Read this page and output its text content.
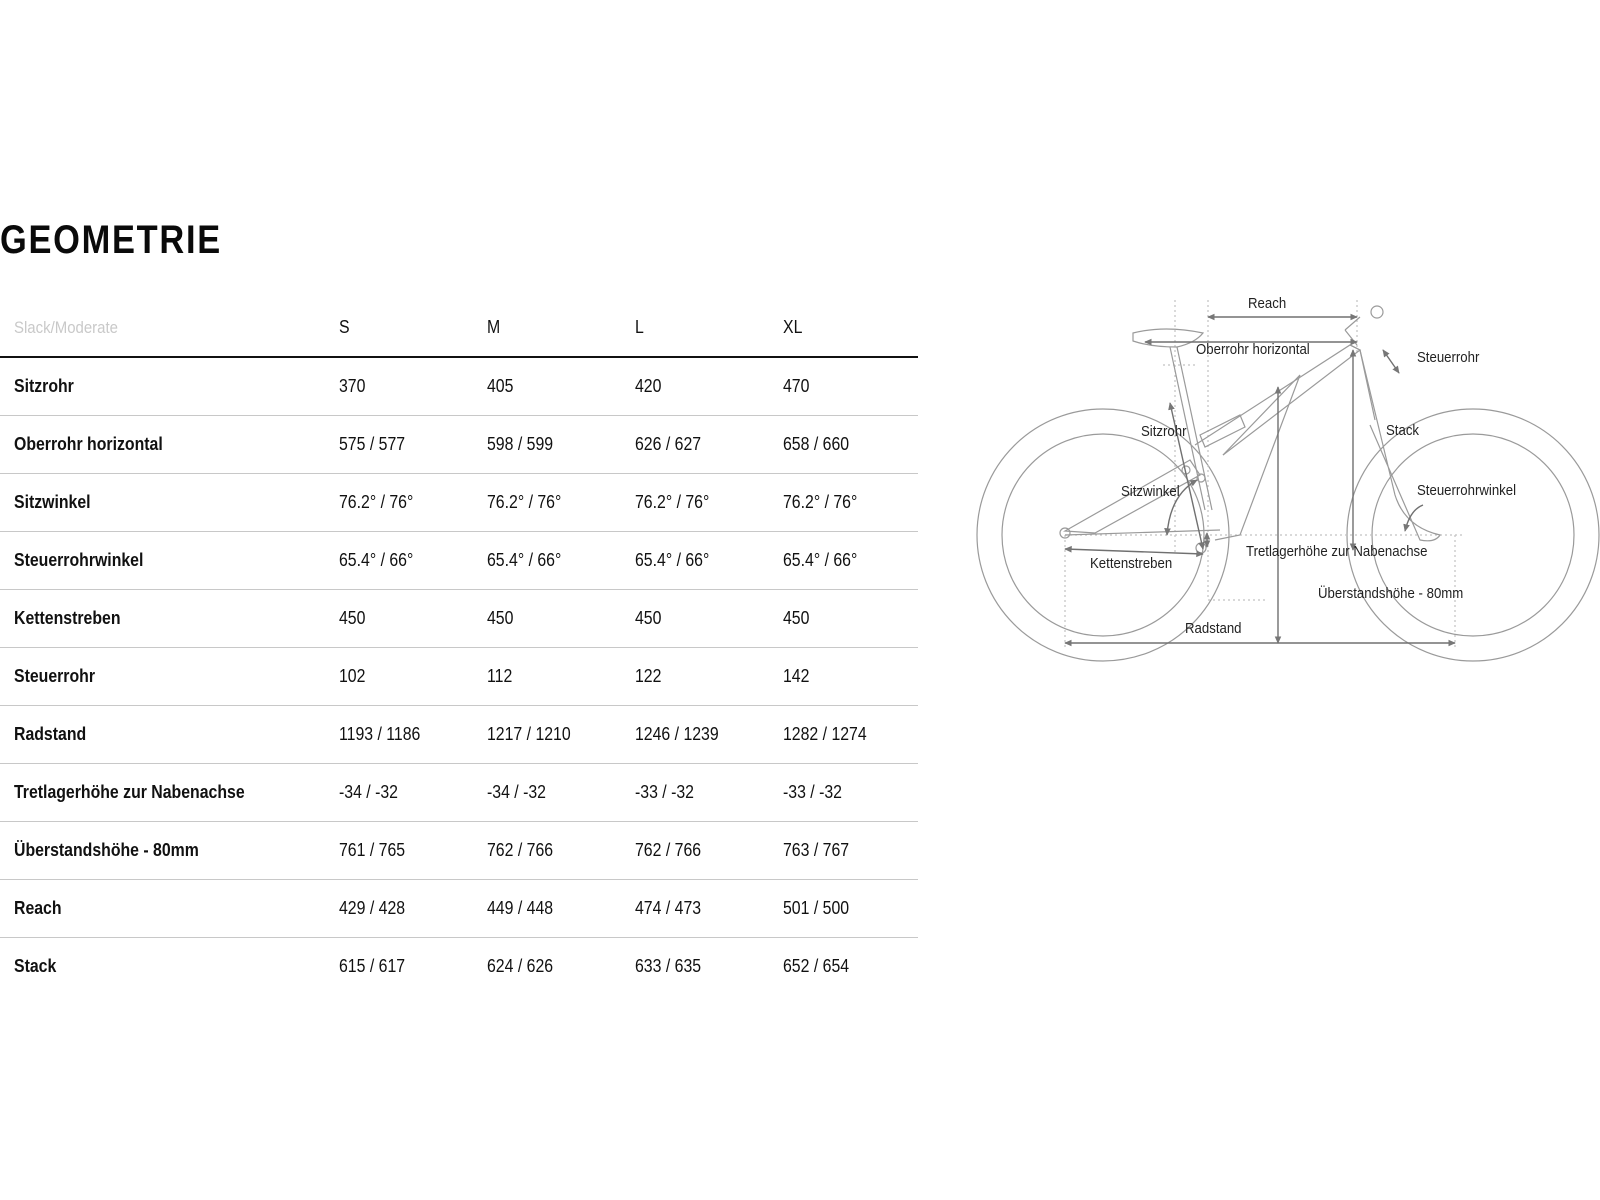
GEOMETRIE
Slack/Moderate	S	M	L	XL
Sitzrohr	370	405	420	470
Oberrohr horizontal	575 / 577	598 / 599	626 / 627	658 / 660
Sitzwinkel	76.2° / 76°	76.2° / 76°	76.2° / 76°	76.2° / 76°
Steuerrohrwinkel	65.4° / 66°	65.4° / 66°	65.4° / 66°	65.4° / 66°
Kettenstreben	450	450	450	450
Steuerrohr	102	112	122	142
Radstand	1193 / 1186	1217 / 1210	1246 / 1239	1282 / 1274
Tretlagerhöhe zur Nabenachse	-34 / -32	-34 / -32	-33 / -32	-33 / -32
Überstandshöhe - 80mm	761 / 765	762 / 766	762 / 766	763 / 767
Reach	429 / 428	449 / 448	474 / 473	501 / 500
Stack	615 / 617	624 / 626	633 / 635	652 / 654
Reach
Oberrohr horizontal	Steuerrohr
Sitzrohr	Stack
Sitzwinkel	Steuerrohrwinkel
Tretlagerhöhe zur Nabenachse
Kettenstreben
Überstandshöhe - 80mm
Radstand
